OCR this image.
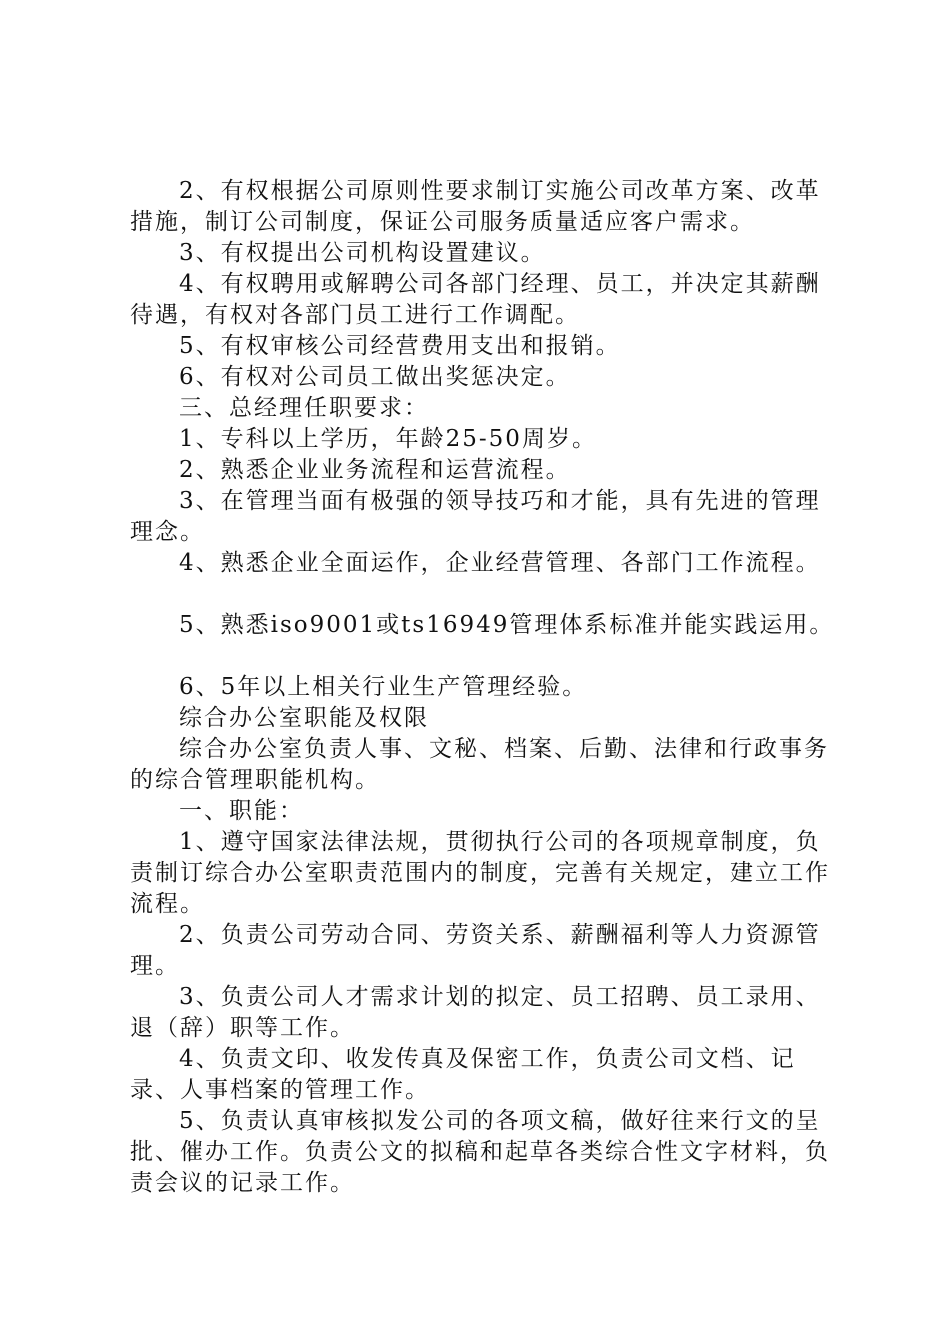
2、有权根据公司原则性要求制订实施公司改革方案、改革措施，制订公司制度，保证公司服务质量适应客户需求。

3、有权提出公司机构设置建议。

4、有权聘用或解聘公司各部门经理、员工，并决定其薪酬待遇，有权对各部门员工进行工作调配。

5、有权审核公司经营费用支出和报销。

6、有权对公司员工做出奖惩决定。

三、总经理任职要求：

1、专科以上学历，年龄25-50周岁。

2、熟悉企业业务流程和运营流程。

3、在管理当面有极强的领导技巧和才能，具有先进的管理理念。

4、熟悉企业全面运作，企业经营管理、各部门工作流程。

5、熟悉iso9001或ts16949管理体系标准并能实践运用。

6、5年以上相关行业生产管理经验。

综合办公室职能及权限

综合办公室负责人事、文秘、档案、后勤、法律和行政事务的综合管理职能机构。

一、职能：

1、遵守国家法律法规，贯彻执行公司的各项规章制度，负责制订综合办公室职责范围内的制度，完善有关规定，建立工作流程。

2、负责公司劳动合同、劳资关系、薪酬福利等人力资源管理。

3、负责公司人才需求计划的拟定、员工招聘、员工录用、退（辞）职等工作。

4、负责文印、收发传真及保密工作，负责公司文档、记录、人事档案的管理工作。

5、负责认真审核拟发公司的各项文稿，做好往来行文的呈批、催办工作。负责公文的拟稿和起草各类综合性文字材料，负责会议的记录工作。
